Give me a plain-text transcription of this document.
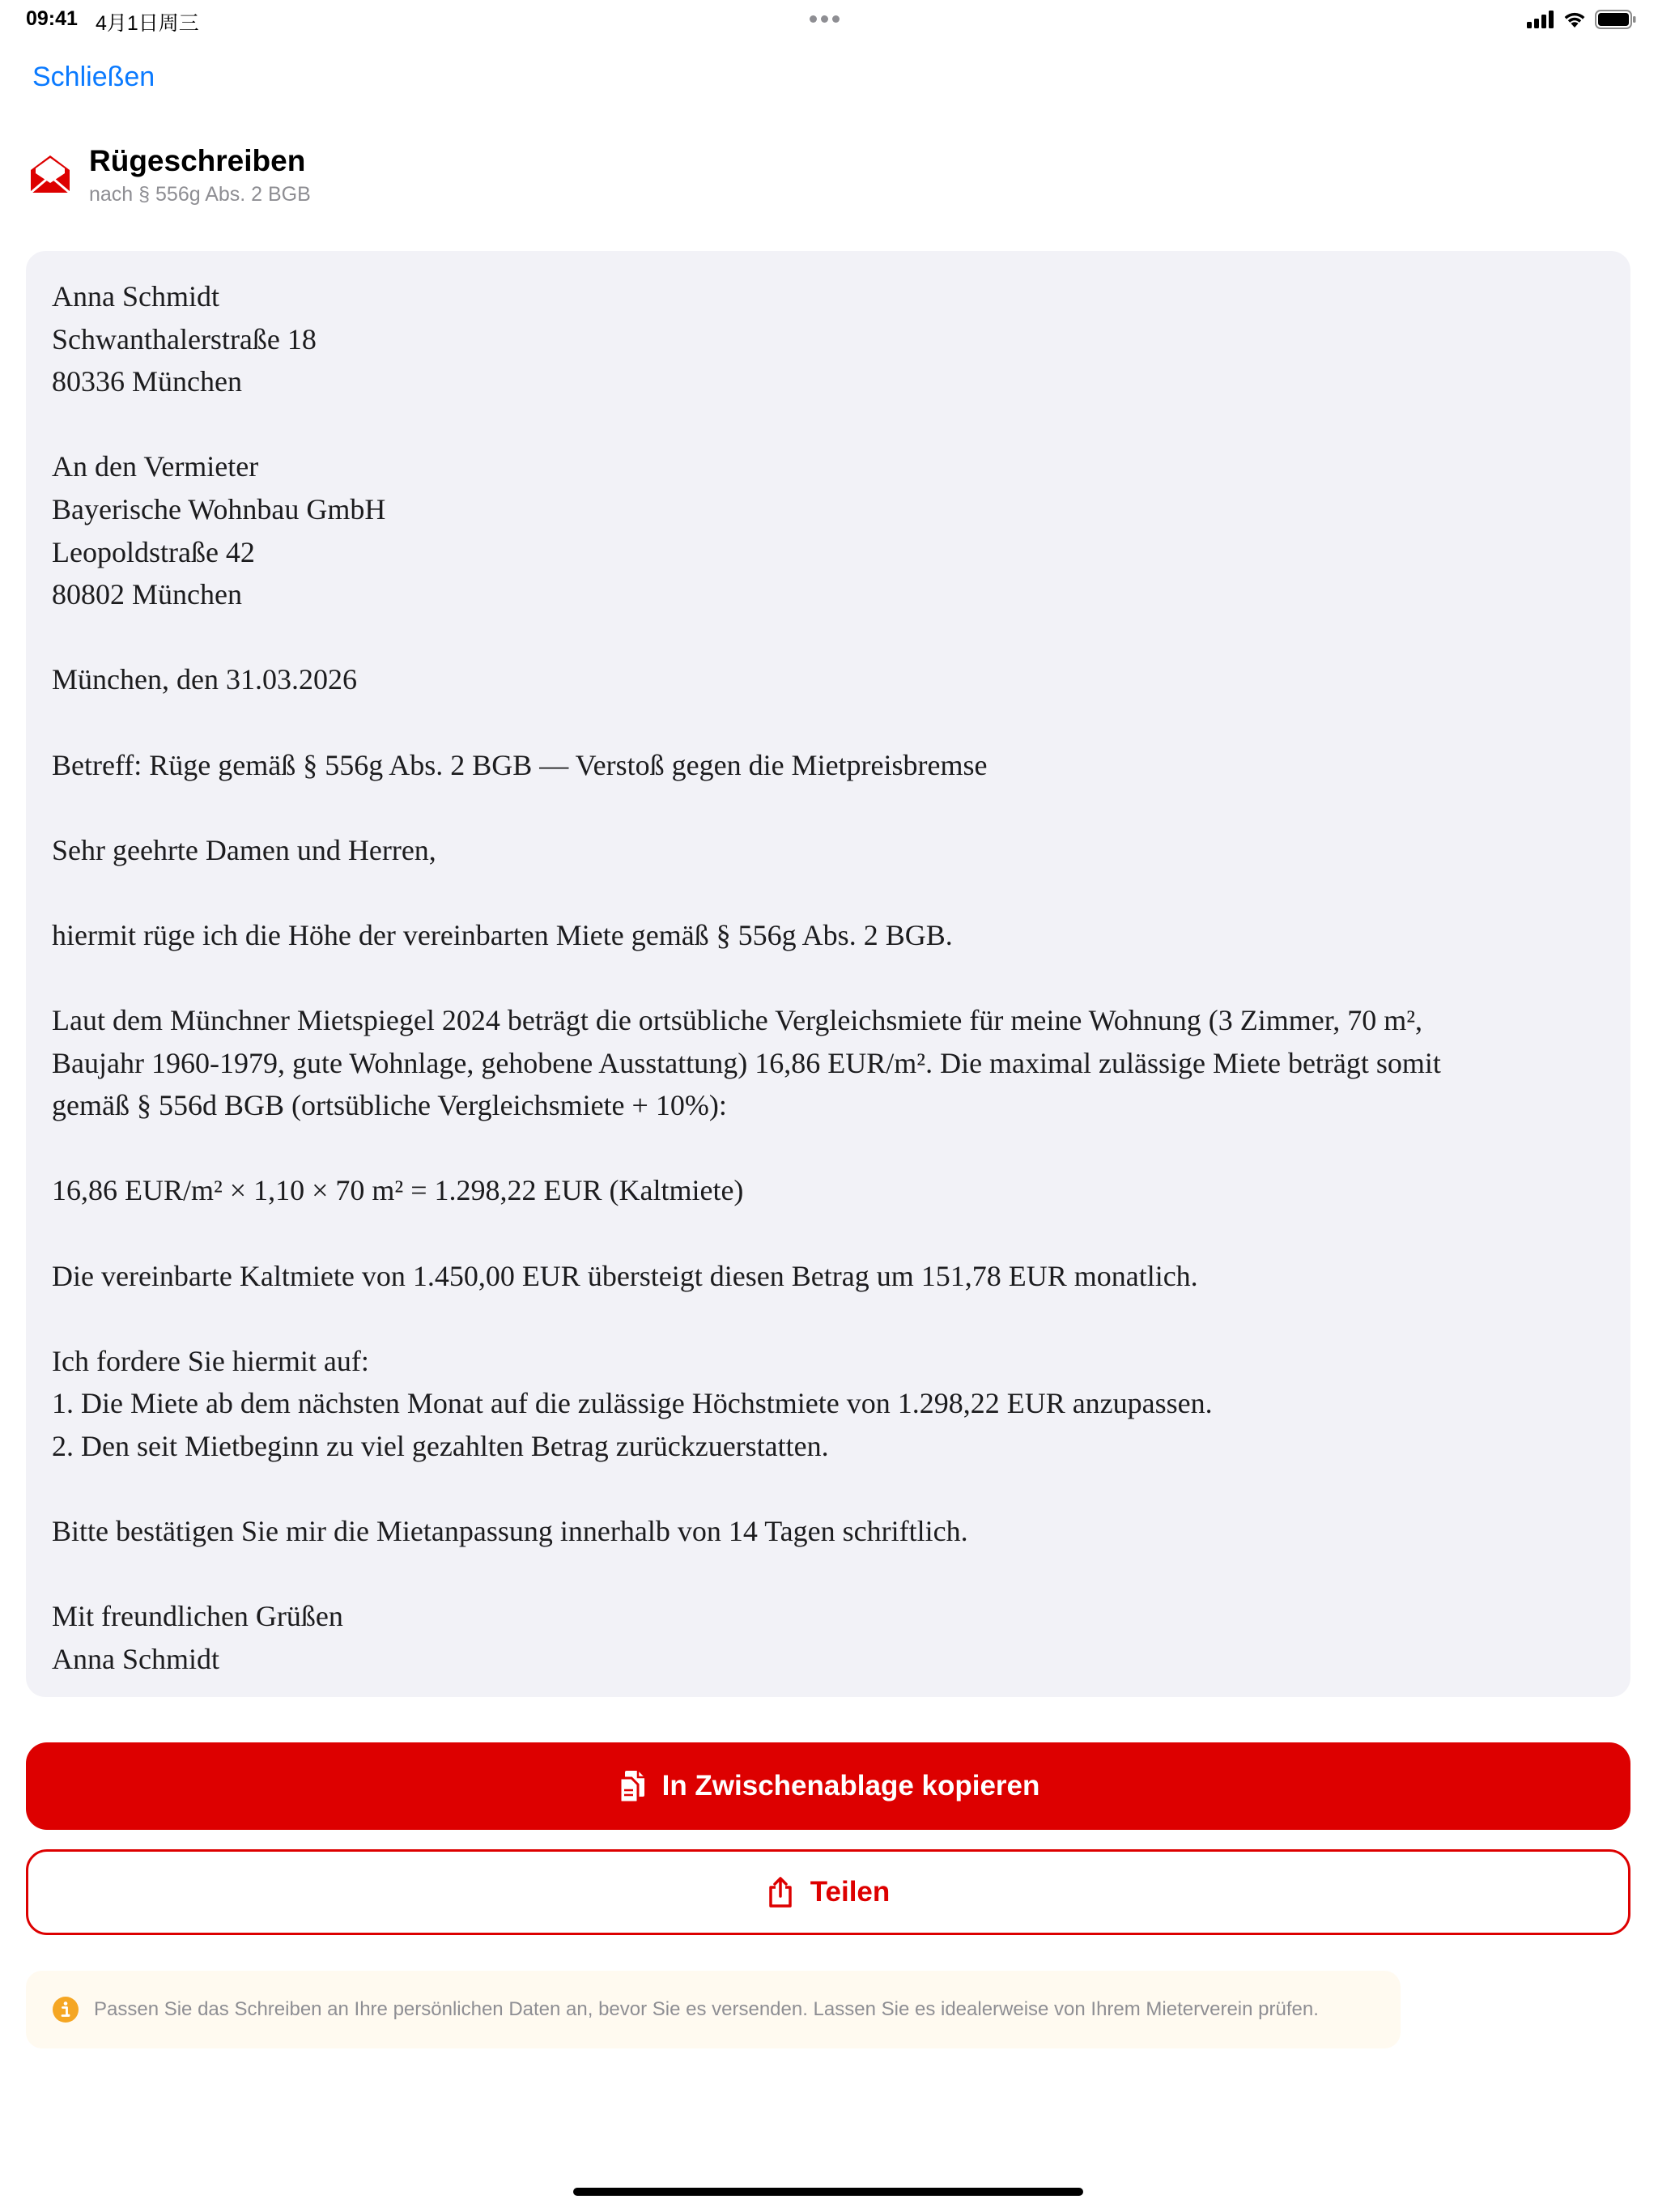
09:41 4月1日周三
Schließen
Rügeschreiben
nach § 556g Abs. 2 BGB

Anna Schmidt
Schwanthalerstraße 18
80336 München

An den Vermieter
Bayerische Wohnbau GmbH
Leopoldstraße 42
80802 München

München, den 31.03.2026

Betreff: Rüge gemäß § 556g Abs. 2 BGB — Verstoß gegen die Mietpreisbremse

Sehr geehrte Damen und Herren,

hiermit rüge ich die Höhe der vereinbarten Miete gemäß § 556g Abs. 2 BGB.

Laut dem Münchner Mietspiegel 2024 beträgt die ortsübliche Vergleichsmiete für meine Wohnung (3 Zimmer, 70 m²,
Baujahr 1960-1979, gute Wohnlage, gehobene Ausstattung) 16,86 EUR/m². Die maximal zulässige Miete beträgt somit
gemäß § 556d BGB (ortsübliche Vergleichsmiete + 10%):

16,86 EUR/m² × 1,10 × 70 m² = 1.298,22 EUR (Kaltmiete)

Die vereinbarte Kaltmiete von 1.450,00 EUR übersteigt diesen Betrag um 151,78 EUR monatlich.

Ich fordere Sie hiermit auf:
1. Die Miete ab dem nächsten Monat auf die zulässige Höchstmiete von 1.298,22 EUR anzupassen.
2. Den seit Mietbeginn zu viel gezahlten Betrag zurückzuerstatten.

Bitte bestätigen Sie mir die Mietanpassung innerhalb von 14 Tagen schriftlich.

Mit freundlichen Grüßen
Anna Schmidt

In Zwischenablage kopieren
Teilen
Passen Sie das Schreiben an Ihre persönlichen Daten an, bevor Sie es versenden. Lassen Sie es idealerweise von Ihrem Mieterverein prüfen.
